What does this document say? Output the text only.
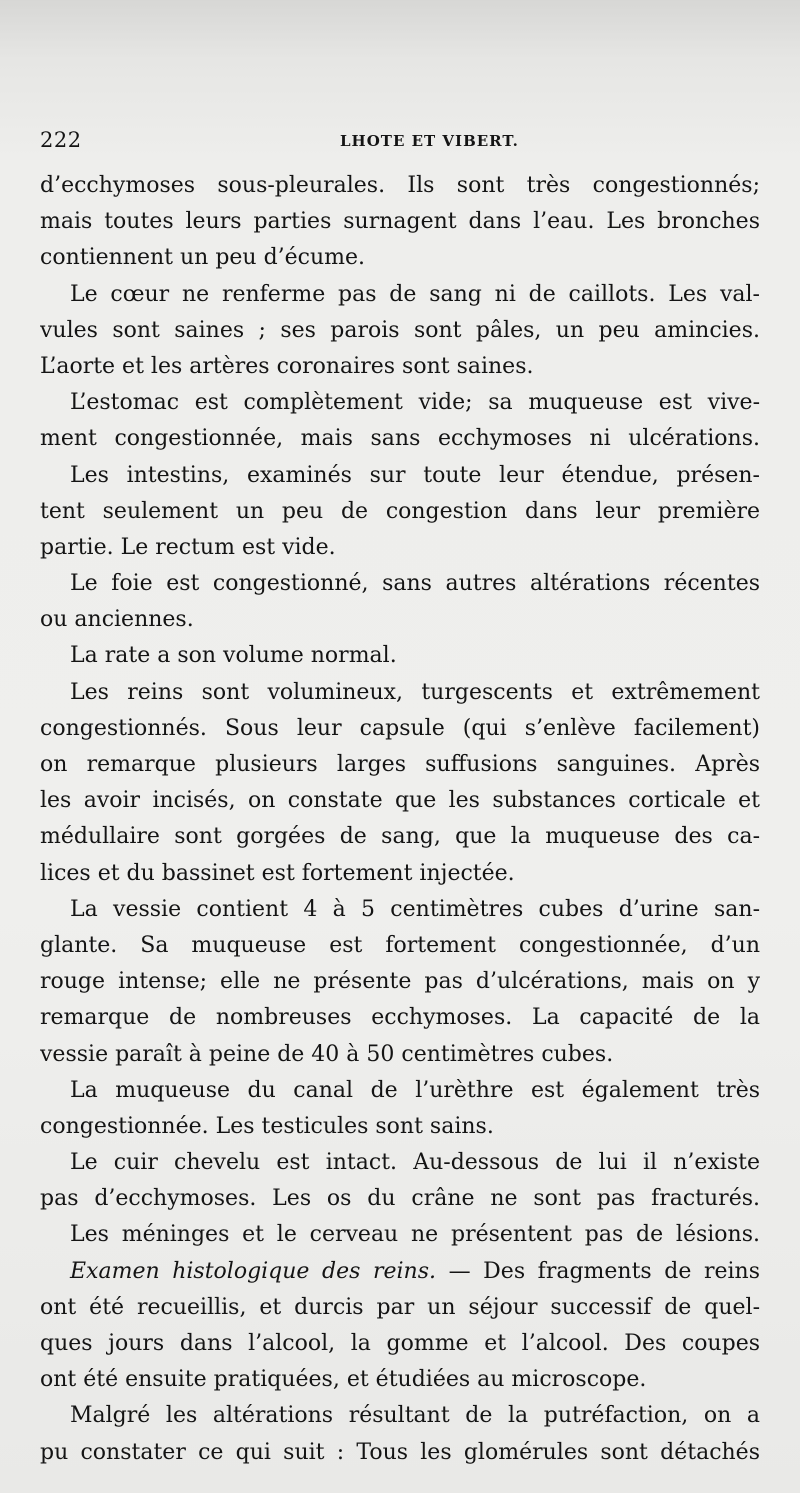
222	LHOTE ET VIBERT.
d’ecchymoses sous-pleurales. Ils sont très congestionnés;
mais toutes leurs parties surnagent dans l’eau. Les bronches
contiennent un peu d’écume.
Le cœur ne renferme pas de sang ni de caillots. Les val-
vules sont saines ; ses parois sont pâles, un peu amincies.
L’aorte et les artères coronaires sont saines.
L’estomac est complètement vide; sa muqueuse est vive-
ment congestionnée, mais sans ecchymoses ni ulcérations.
Les intestins, examinés sur toute leur étendue, présen-
tent seulement un peu de congestion dans leur première
partie. Le rectum est vide.
Le foie est congestionné, sans autres altérations récentes
ou anciennes.
La rate a son volume normal.
Les reins sont volumineux, turgescents et extrêmement
congestionnés. Sous leur capsule (qui s’enlève facilement)
on remarque plusieurs larges suffusions sanguines. Après
les avoir incisés, on constate que les substances corticale et
médullaire sont gorgées de sang, que la muqueuse des ca-
lices et du bassinet est fortement injectée.
La vessie contient 4 à 5 centimètres cubes d’urine san-
glante. Sa muqueuse est fortement congestionnée, d’un
rouge intense; elle ne présente pas d’ulcérations, mais on y
remarque de nombreuses ecchymoses. La capacité de la
vessie paraît à peine de 40 à 50 centimètres cubes.
La muqueuse du canal de l’urèthre est également très
congestionnée. Les testicules sont sains.
Le cuir chevelu est intact. Au-dessous de lui il n’existe
pas d’ecchymoses. Les os du crâne ne sont pas fracturés.
Les méninges et le cerveau ne présentent pas de lésions.
Examen histologique des reins. — Des fragments de reins
ont été recueillis, et durcis par un séjour successif de quel-
ques jours dans l’alcool, la gomme et l’alcool. Des coupes
ont été ensuite pratiquées, et étudiées au microscope.
Malgré les altérations résultant de la putréfaction, on a
pu constater ce qui suit : Tous les glomérules sont détachés
